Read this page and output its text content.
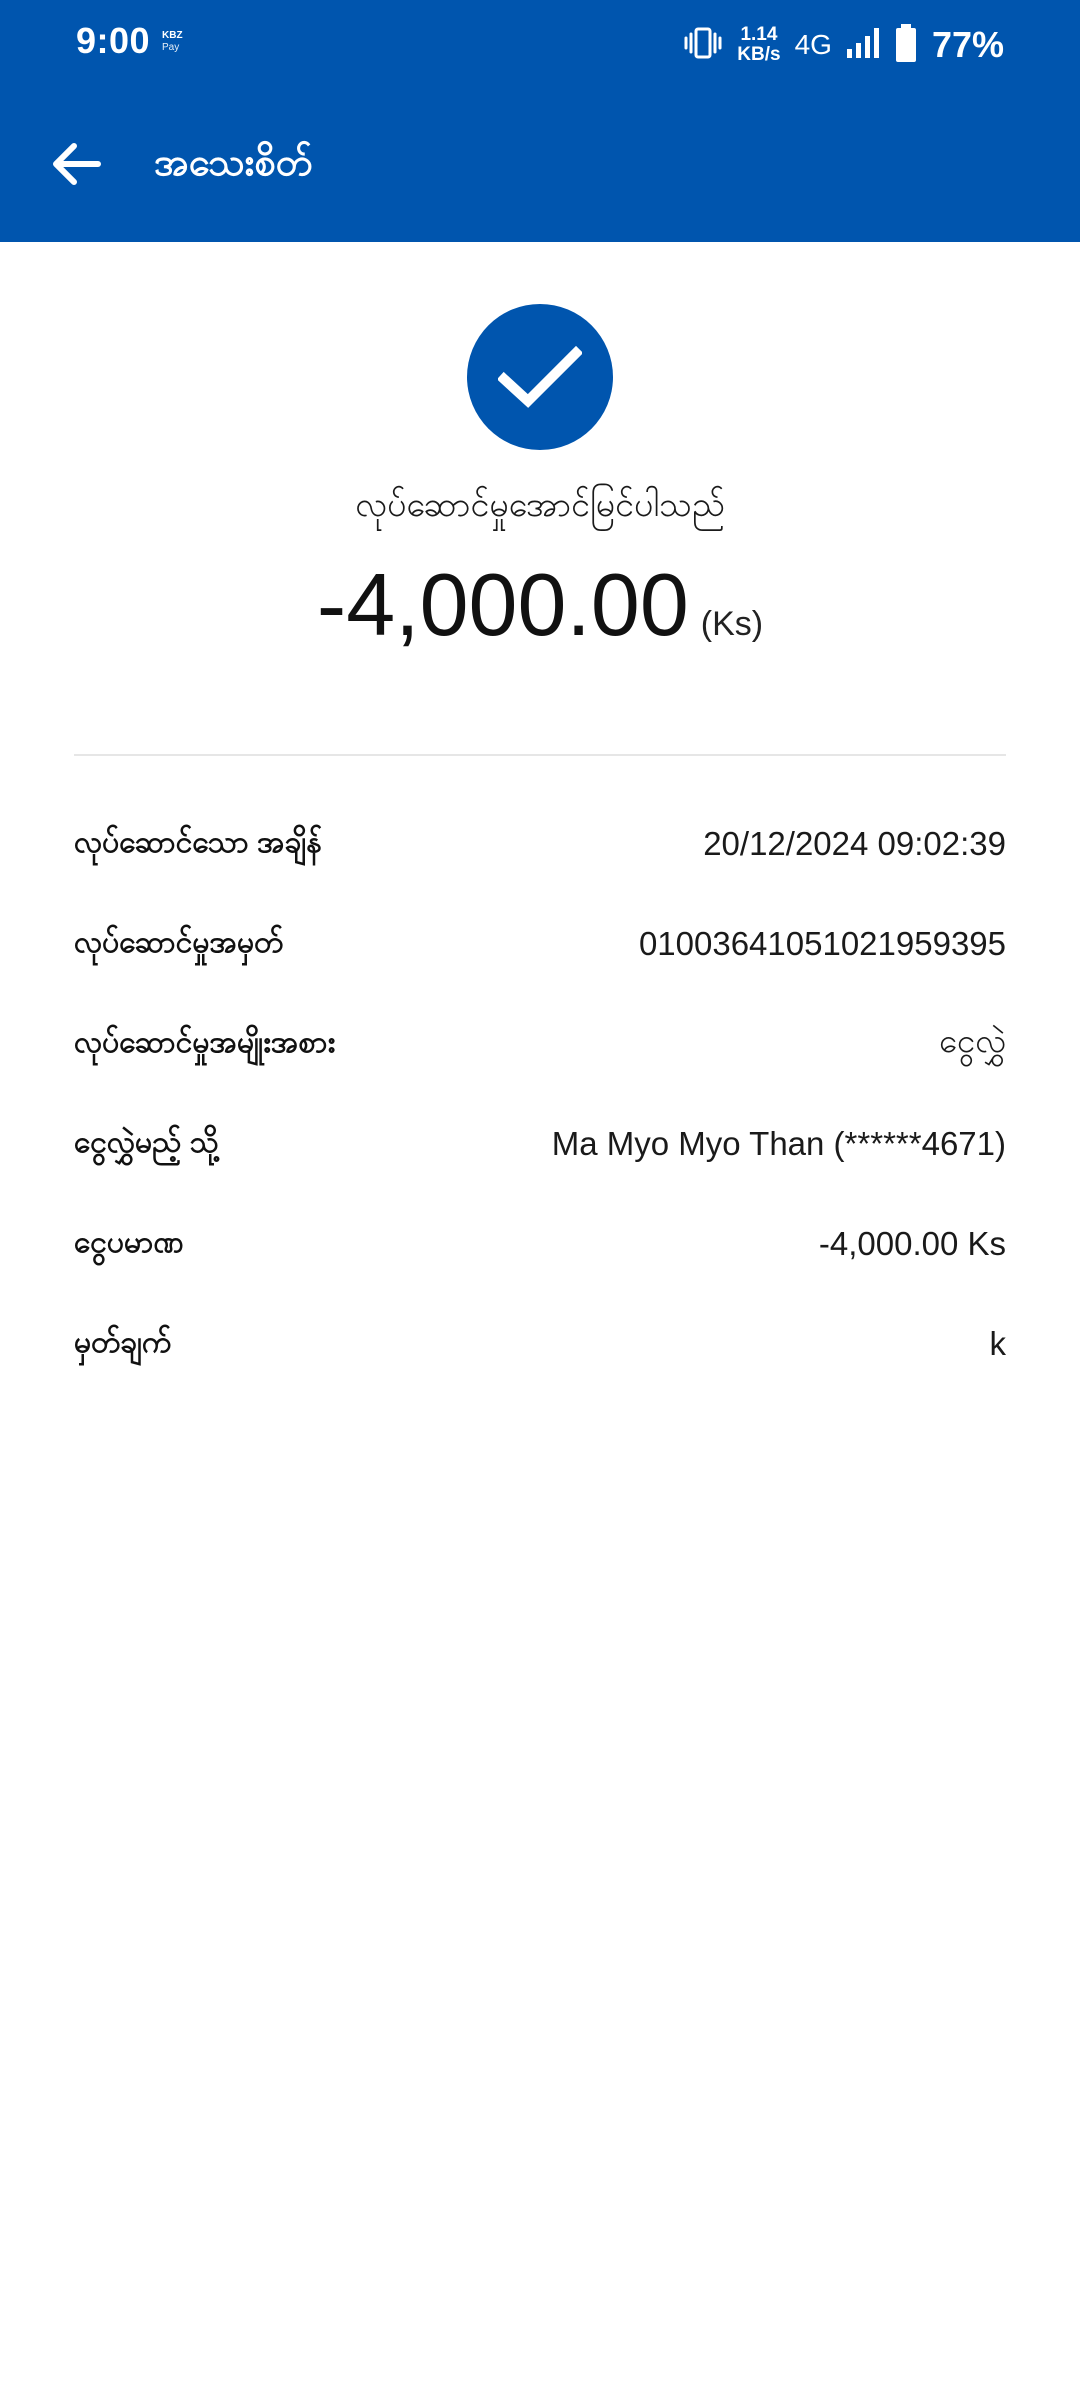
9:00 KBZ
Pay
1.14
KB/s 4G	77%
အသေးစိတ်
လုပ်ဆောင်မှုအောင်မြင်ပါသည်
-4,000.00 (Ks)
လုပ်ဆောင်သော အချိန်	20/12/2024 09:02:39
လုပ်ဆောင်မှုအမှတ်	01003641051021959395
လုပ်ဆောင်မှုအမျိုးအစား	ငွေလွှဲ
ငွေလွှဲမည့် သို့	Ma Myo Myo Than (******4671)
ငွေပမာဏ	-4,000.00 Ks
မှတ်ချက်	k
